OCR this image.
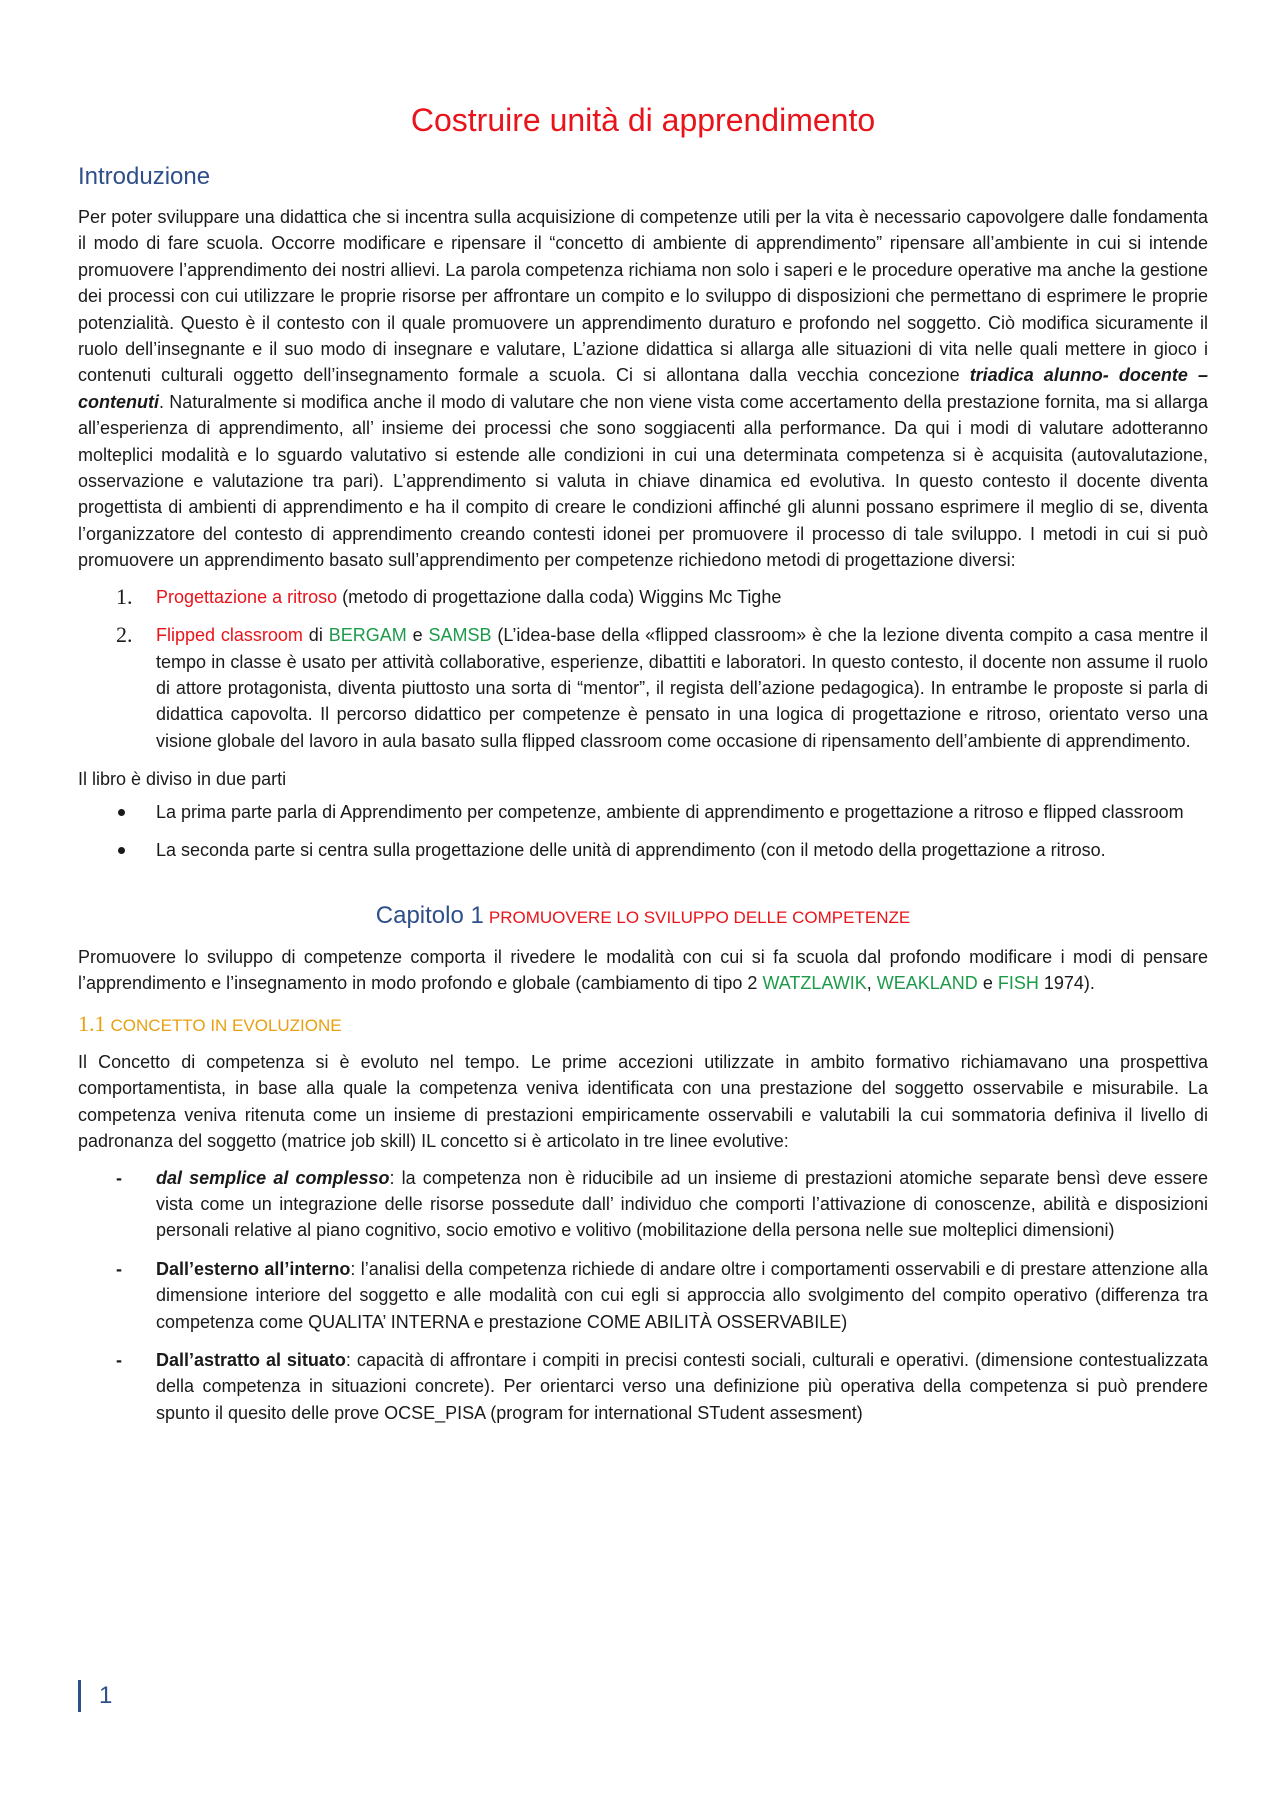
Costruire unità di apprendimento
Introduzione

Per poter sviluppare una didattica che si incentra sulla acquisizione di competenze utili per la vita è necessario capovolgere dalle fondamenta il modo di fare scuola. Occorre modificare e ripensare il “concetto di ambiente di apprendimento” ripensare all’ambiente in cui si intende promuovere l’apprendimento dei nostri allievi. La parola competenza richiama non solo i saperi e le procedure operative ma anche la gestione dei processi con cui utilizzare le proprie risorse per affrontare un compito e lo sviluppo di disposizioni che permettano di esprimere le proprie potenzialità. Questo è il contesto con il quale promuovere un apprendimento duraturo e profondo nel soggetto. Ciò modifica sicuramente il ruolo dell’insegnante e il suo modo di insegnare e valutare, L’azione didattica si allarga alle situazioni di vita nelle quali mettere in gioco i contenuti culturali oggetto dell’insegnamento formale a scuola. Ci si allontana dalla vecchia concezione triadica alunno- docente –contenuti. Naturalmente si modifica anche il modo di valutare che non viene vista come accertamento della prestazione fornita, ma si allarga all’esperienza di apprendimento, all’ insieme dei processi che sono soggiacenti alla performance. Da qui i modi di valutare adotteranno molteplici modalità e lo sguardo valutativo si estende alle condizioni in cui una determinata competenza si è acquisita (autovalutazione, osservazione e valutazione tra pari). L’apprendimento si valuta in chiave dinamica ed evolutiva. In questo contesto il docente diventa progettista di ambienti di apprendimento e ha il compito di creare le condizioni affinché gli alunni possano esprimere il meglio di se, diventa l’organizzatore del contesto di apprendimento creando contesti idonei per promuovere il processo di tale sviluppo. I metodi in cui si può promuovere un apprendimento basato sull’apprendimento per competenze richiedono metodi di progettazione diversi:

1. Progettazione a ritroso (metodo di progettazione dalla coda) Wiggins Mc Tighe
2. Flipped classroom di BERGAM e SAMSB (L’idea-base della «flipped classroom» è che la lezione diventa compito a casa mentre il tempo in classe è usato per attività collaborative, esperienze, dibattiti e laboratori. In questo contesto, il docente non assume il ruolo di attore protagonista, diventa piuttosto una sorta di “mentor”, il regista dell’azione pedagogica). In entrambe le proposte si parla di didattica capovolta. Il percorso didattico per competenze è pensato in una logica di progettazione e ritroso, orientato verso una visione globale del lavoro in aula basato sulla flipped classroom come occasione di ripensamento dell’ambiente di apprendimento.

Il libro è diviso in due parti

La prima parte parla di Apprendimento per competenze, ambiente di apprendimento e progettazione a ritroso e flipped classroom
La seconda parte si centra sulla progettazione delle unità di apprendimento (con il metodo della progettazione a ritroso.
Capitolo 1 PROMUOVERE LO SVILUPPO DELLE COMPETENZE

Promuovere lo sviluppo di competenze comporta il rivedere le modalità con cui si fa scuola dal profondo modificare i modi di pensare l’apprendimento e l’insegnamento in modo profondo e globale (cambiamento di tipo 2 WATZLAWIK, WEAKLAND e FISH 1974).

1.1 CONCETTO IN EVOLUZIONE

Il Concetto di competenza si è evoluto nel tempo. Le prime accezioni utilizzate in ambito formativo richiamavano una prospettiva comportamentista, in base alla quale la competenza veniva identificata con una prestazione del soggetto osservabile e misurabile. La competenza veniva ritenuta come un insieme di prestazioni empiricamente osservabili e valutabili la cui sommatoria definiva il livello di padronanza del soggetto (matrice job skill) IL concetto si è articolato in tre linee evolutive:

- dal semplice al complesso: la competenza non è riducibile ad un insieme di prestazioni atomiche separate bensì deve essere vista come un integrazione delle risorse possedute dall’ individuo che comporti l’attivazione di conoscenze, abilità e disposizioni personali relative al piano cognitivo, socio emotivo e volitivo (mobilitazione della persona nelle sue molteplici dimensioni)
- Dall’esterno all’interno: l’analisi della competenza richiede di andare oltre i comportamenti osservabili e di prestare attenzione alla dimensione interiore del soggetto e alle modalità con cui egli si approccia allo svolgimento del compito operativo (differenza tra competenza come QUALITA’ INTERNA e prestazione COME ABILITÀ OSSERVABILE)
- Dall’astratto al situato: capacità di affrontare i compiti in precisi contesti sociali, culturali e operativi. (dimensione contestualizzata della competenza in situazioni concrete). Per orientarci verso una definizione più operativa della competenza si può prendere spunto il quesito delle prove OCSE_PISA (program for international STudent assesment)
1
